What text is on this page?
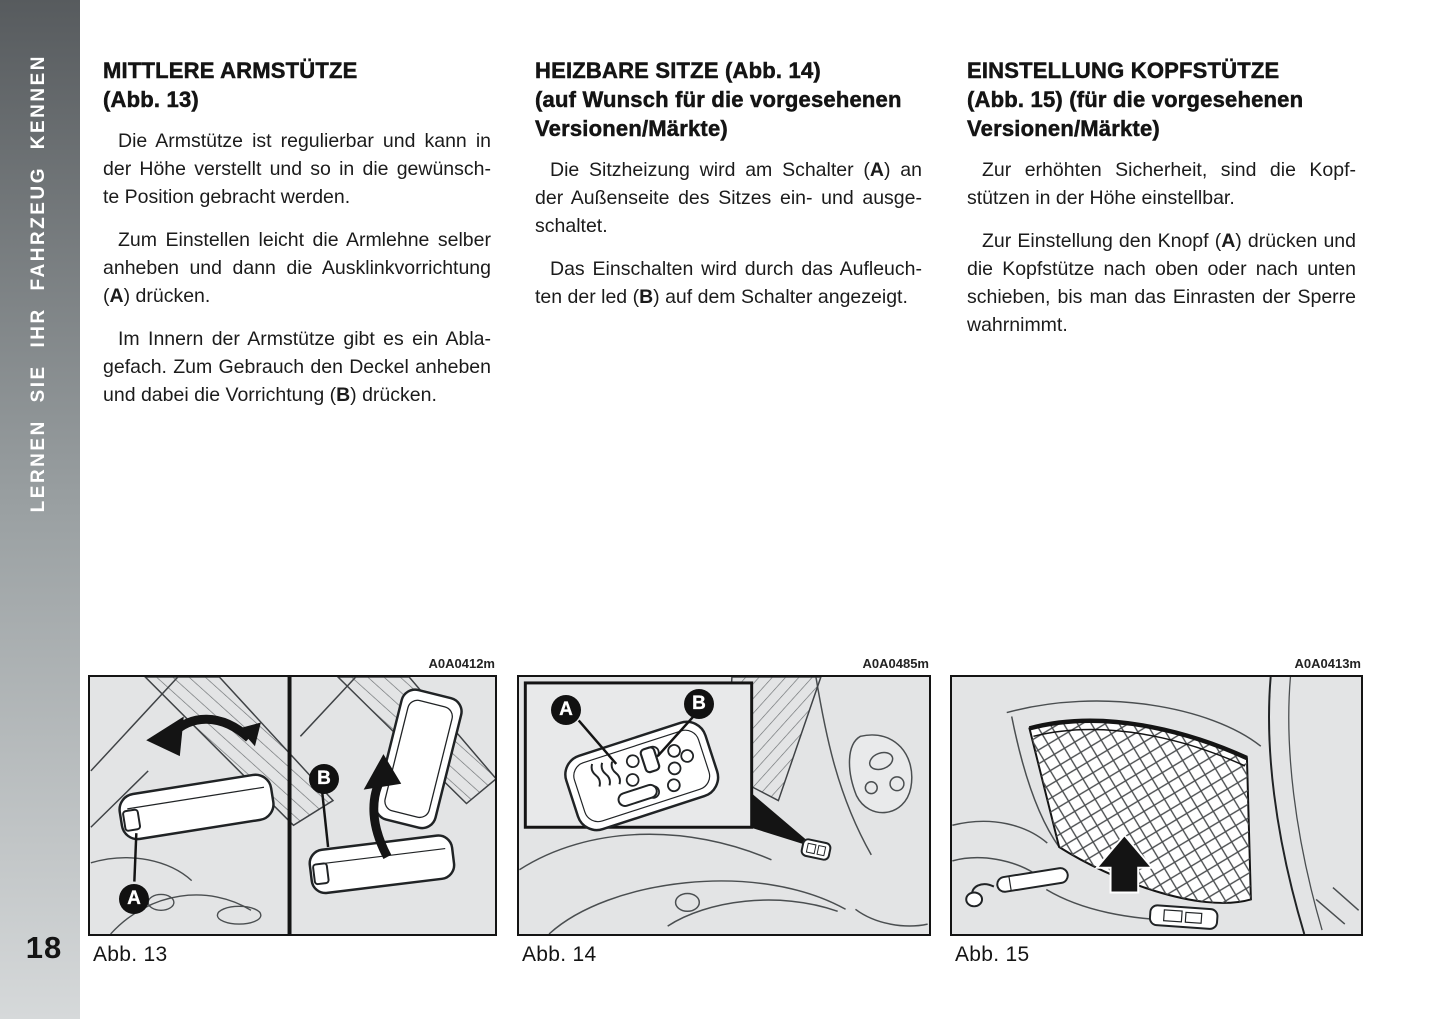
LERNEN SIE IHR FAHRZEUG KENNEN
18
MITTLERE ARMSTÜTZE
(Abb. 13)
Die Armstütze ist regulierbar und kann in
der Höhe verstellt und so in die gewünsch-
te Position gebracht werden.
Zum Einstellen leicht die Armlehne selber
anheben und dann die Ausklinkvorrichtung
(A) drücken.
Im Innern der Armstütze gibt es ein Abla-
gefach. Zum Gebrauch den Deckel anheben
und dabei die Vorrichtung (B) drücken.
HEIZBARE SITZE (Abb. 14)
(auf Wunsch für die vorgesehenen
Versionen/Märkte)
Die Sitzheizung wird am Schalter (A) an
der Außenseite des Sitzes ein- und ausge-
schaltet.
Das Einschalten wird durch das Aufleuch-
ten der led (B) auf dem Schalter angezeigt.
EINSTELLUNG KOPFSTÜTZE
(Abb. 15) (für die vorgesehenen
Versionen/Märkte)
Zur erhöhten Sicherheit, sind die Kopf-
stützen in der Höhe einstellbar.
Zur Einstellung den Knopf (A) drücken und
die Kopfstütze nach oben oder nach unten
schieben, bis man das Einrasten der Sperre
wahrnimmt.
A0A0412m
A
B
Abb. 13
A0A0485m
A	B
Abb. 14
A0A0413m
Abb. 15
